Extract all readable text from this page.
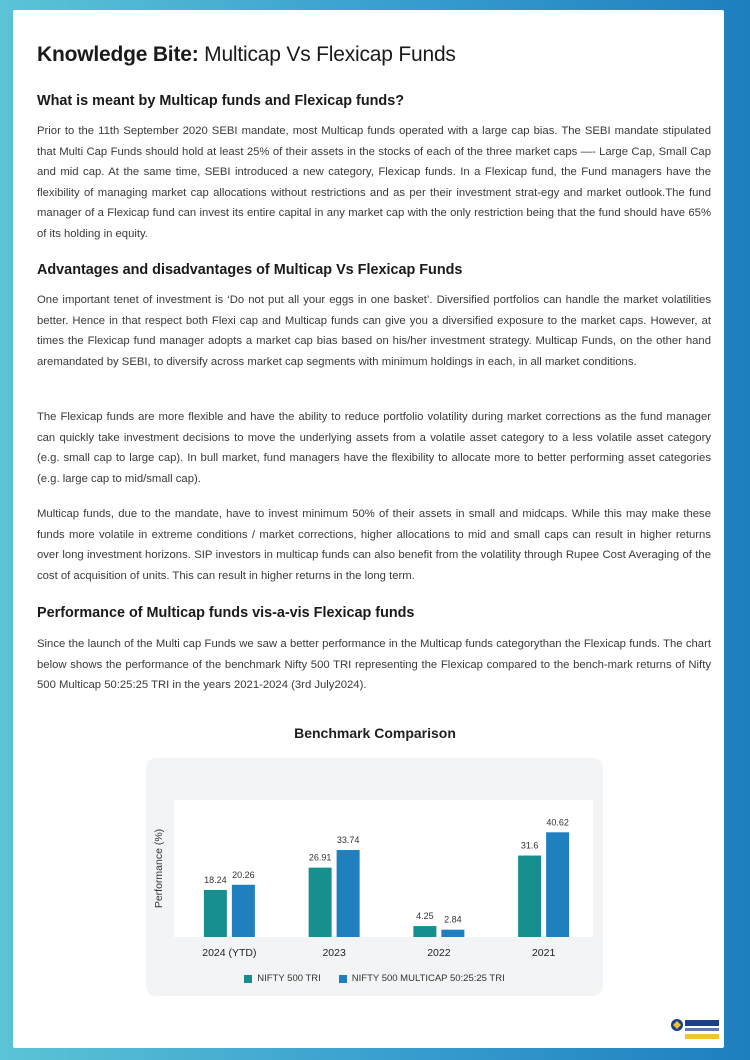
Knowledge Bite: Multicap Vs Flexicap Funds
What is meant by Multicap funds and Flexicap funds?

Prior to the 11th September 2020 SEBI mandate, most Multicap funds operated with a large cap bias. The SEBI mandate stipulated that Multi Cap Funds should hold at least 25% of their assets in the stocks of each of the three market caps —- Large Cap, Small Cap and mid cap. At the same time, SEBI introduced a new category, Flexicap funds. In a Flexicap fund, the Fund managers have the flexibility of managing market cap allocations without restrictions and as per their investment strat-egy and market outlook.The fund manager of a Flexicap fund can invest its entire capital in any market cap with the only restriction being that the fund should have 65% of its holding in equity.

Advantages and disadvantages of Multicap Vs Flexicap Funds

One important tenet of investment is ‘Do not put all your eggs in one basket’. Diversified portfolios can handle the market volatilities better. Hence in that respect both Flexi cap and Multicap funds can give you a diversified exposure to the market caps. However, at times the Flexicap fund manager adopts a market cap bias based on his/her investment strategy. Multicap Funds, on the other hand aremandated by SEBI, to diversify across market cap segments with minimum holdings in each, in all market conditions.

The Flexicap funds are more flexible and have the ability to reduce portfolio volatility during market corrections as the fund manager can quickly take investment decisions to move the underlying assets from a volatile asset category to a less volatile asset category (e.g. small cap to large cap). In bull market, fund managers have the flexibility to allocate more to better performing asset categories (e.g. large cap to mid/small cap).

Multicap funds, due to the mandate, have to invest minimum 50% of their assets in small and midcaps. While this may make these funds more volatile in extreme conditions / market corrections, higher allocations to mid and small caps can result in higher returns over long investment horizons. SIP investors in multicap funds can also benefit from the volatility through Rupee Cost Averaging of the cost of acquisition of units. This can result in higher returns in the long term.

Performance of Multicap funds vis-a-vis Flexicap funds

Since the launch of the Multi cap Funds we saw a better performance in the Multicap funds categorythan the Flexicap funds. The chart below shows the performance of the benchmark Nifty 500 TRI representing the Flexicap compared to the bench-mark returns of Nifty 500 Multicap 50:25:25 TRI in the years 2021-2024 (3rd July2024).

Benchmark Comparison
Performance (%)	18.24
20.26
2024 (YTD)
26.91
33.74
2023
4.25 2.84
2022
31.6
40.62
2021
NIFTY 500 TRI	NIFTY 500 MULTICAP 50:25:25 TRI
